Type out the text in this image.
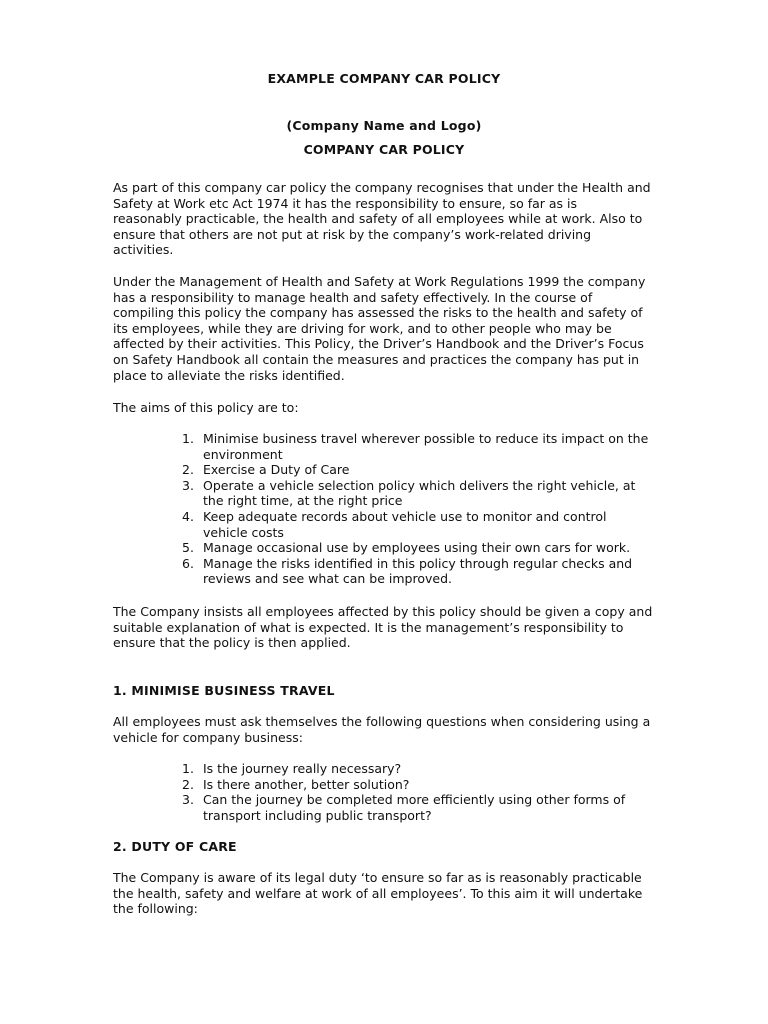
EXAMPLE COMPANY CAR POLICY
(Company Name and Logo)
COMPANY CAR POLICY

As part of this company car policy the company recognises that under the Health and
Safety at Work etc Act 1974 it has the responsibility to ensure, so far as is
reasonably practicable, the health and safety of all employees while at work. Also to
ensure that others are not put at risk by the company’s work-related driving
activities.

Under the Management of Health and Safety at Work Regulations 1999 the company
has a responsibility to manage health and safety effectively. In the course of
compiling this policy the company has assessed the risks to the health and safety of
its employees, while they are driving for work, and to other people who may be
affected by their activities. This Policy, the Driver’s Handbook and the Driver’s Focus
on Safety Handbook all contain the measures and practices the company has put in
place to alleviate the risks identified.

The aims of this policy are to:

1. Minimise business travel wherever possible to reduce its impact on the
environment
2. Exercise a Duty of Care
3. Operate a vehicle selection policy which delivers the right vehicle, at
the right time, at the right price
4. Keep adequate records about vehicle use to monitor and control
vehicle costs
5. Manage occasional use by employees using their own cars for work.
6. Manage the risks identified in this policy through regular checks and
reviews and see what can be improved.

The Company insists all employees affected by this policy should be given a copy and
suitable explanation of what is expected. It is the management’s responsibility to
ensure that the policy is then applied.

1. MINIMISE BUSINESS TRAVEL

All employees must ask themselves the following questions when considering using a
vehicle for company business:

1. Is the journey really necessary?
2. Is there another, better solution?
3. Can the journey be completed more efficiently using other forms of
transport including public transport?
2. DUTY OF CARE

The Company is aware of its legal duty ‘to ensure so far as is reasonably practicable
the health, safety and welfare at work of all employees’. To this aim it will undertake
the following:
